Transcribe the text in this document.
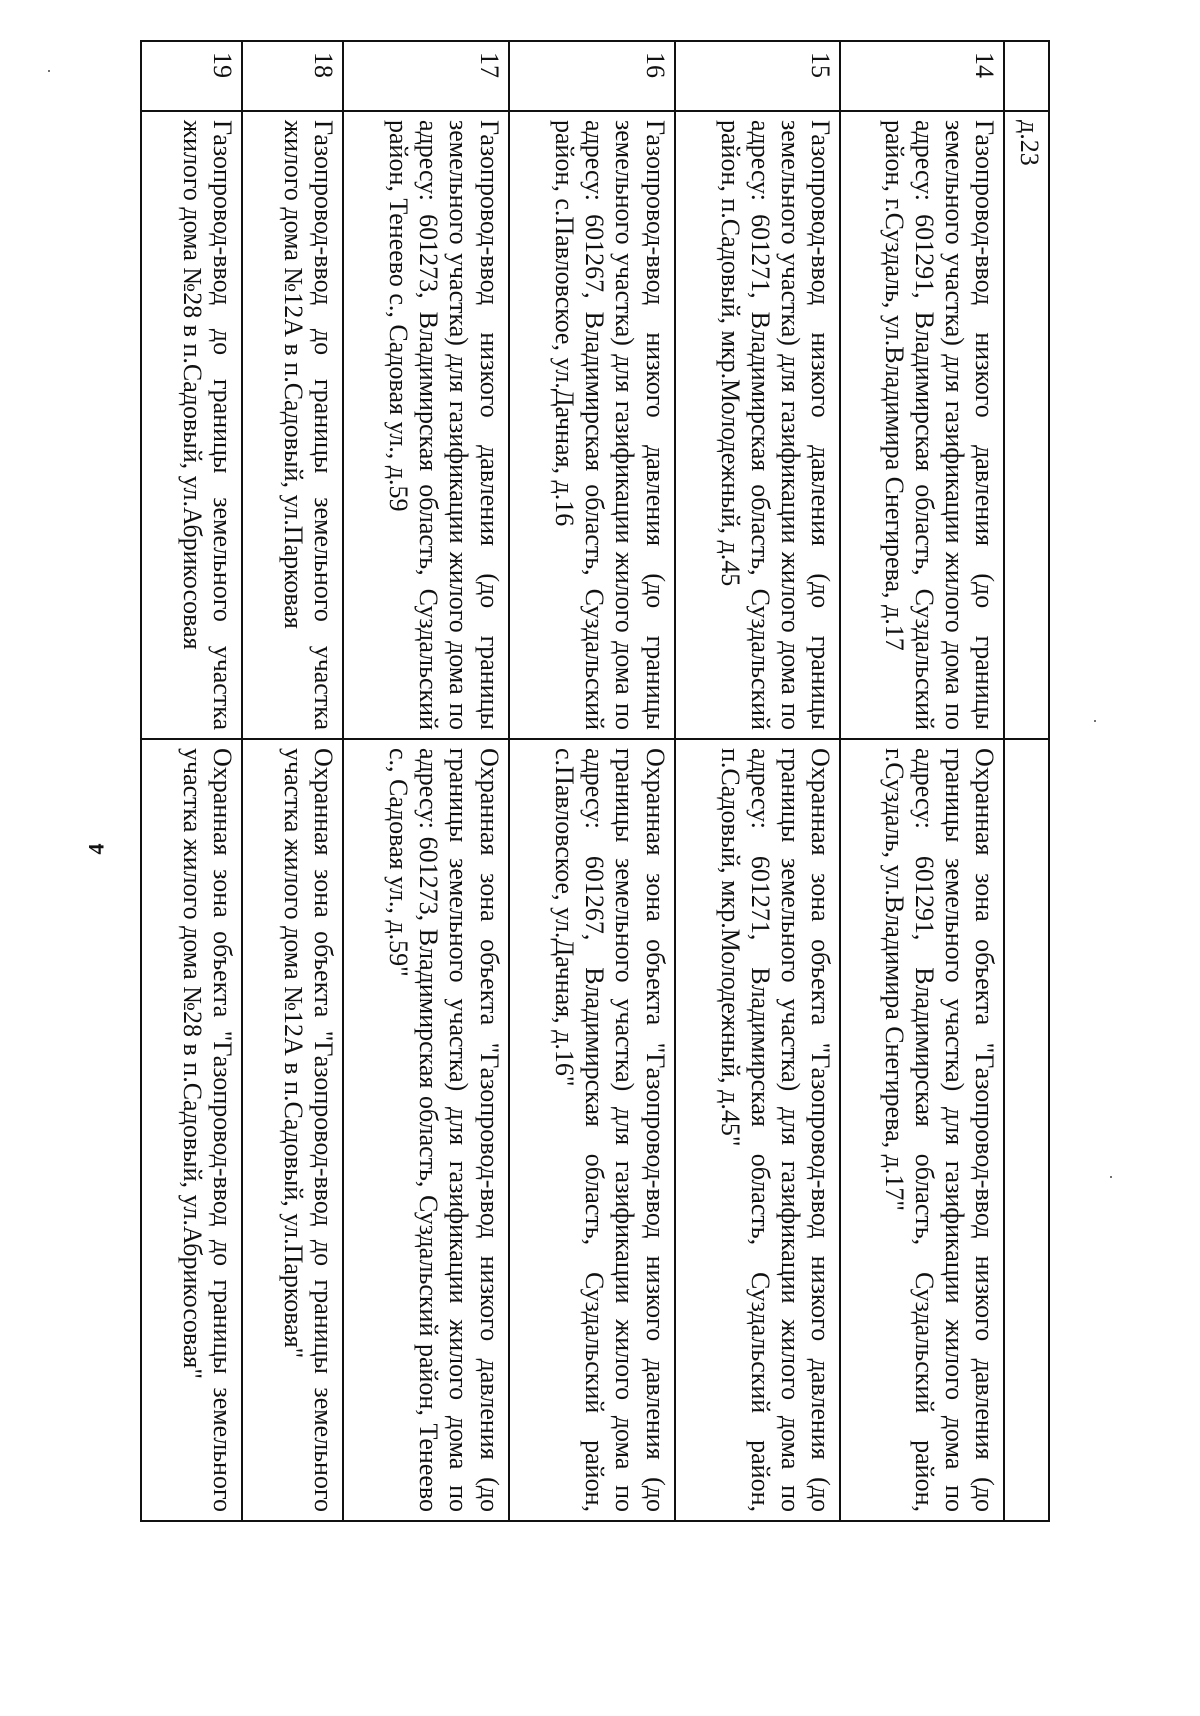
4
	д.23	
14	Газопровод-ввод низкого давления (до границы земельного участка) для газификации жилого дома по адресу: 601291, Владимирская область, Суздальский район, г.Суздаль, ул.Владимира Снегирева, д.17	Охранная зона объекта "Газопровод-ввод низкого давления (до границы земельного участка) для газификации жилого дома по адресу: 601291, Владимирская область, Суздальский район, г.Суздаль, ул.Владимира Снегирева, д.17"
15	Газопровод-ввод низкого давления (до границы земельного участка) для газификации жилого дома по адресу: 601271, Владимирская область, Суздальский район, п.Садовый, мкр.Молодежный, д.45	Охранная зона объекта "Газопровод-ввод низкого давления (до границы земельного участка) для газификации жилого дома по адресу: 601271, Владимирская область, Суздальский район, п.Садовый, мкр.Молодежный, д.45"
16	Газопровод-ввод низкого давления (до границы земельного участка) для газификации жилого дома по адресу: 601267, Владимирская область, Суздальский район, с.Павловское, ул.Дачная, д.16	Охранная зона объекта "Газопровод-ввод низкого давления (до границы земельного участка) для газификации жилого дома по адресу: 601267, Владимирская область, Суздальский район, с.Павловское, ул.Дачная, д.16"
17	Газопровод-ввод низкого давления (до границы земельного участка) для газификации жилого дома по адресу: 601273, Владимирская область, Суздальский район, Тенеево с., Садовая ул., д.59	Охранная зона объекта "Газопровод-ввод низкого давления (до границы земельного участка) для газификации жилого дома по адресу: 601273, Владимирская область, Суздальский район, Тенеево с., Садовая ул., д.59"
18	Газопровод-ввод до границы земельного участка жилого дома №12А в п.Садовый, ул.Парковая	Охранная зона объекта "Газопровод-ввод до границы земельного участка жилого дома №12А в п.Садовый, ул.Парковая"
19	Газопровод-ввод до границы земельного участка жилого дома №28 в п.Садовый, ул.Абрикосовая	Охранная зона объекта "Газопровод-ввод до границы земельного участка жилого дома №28 в п.Садовый, ул.Абрикосовая"
